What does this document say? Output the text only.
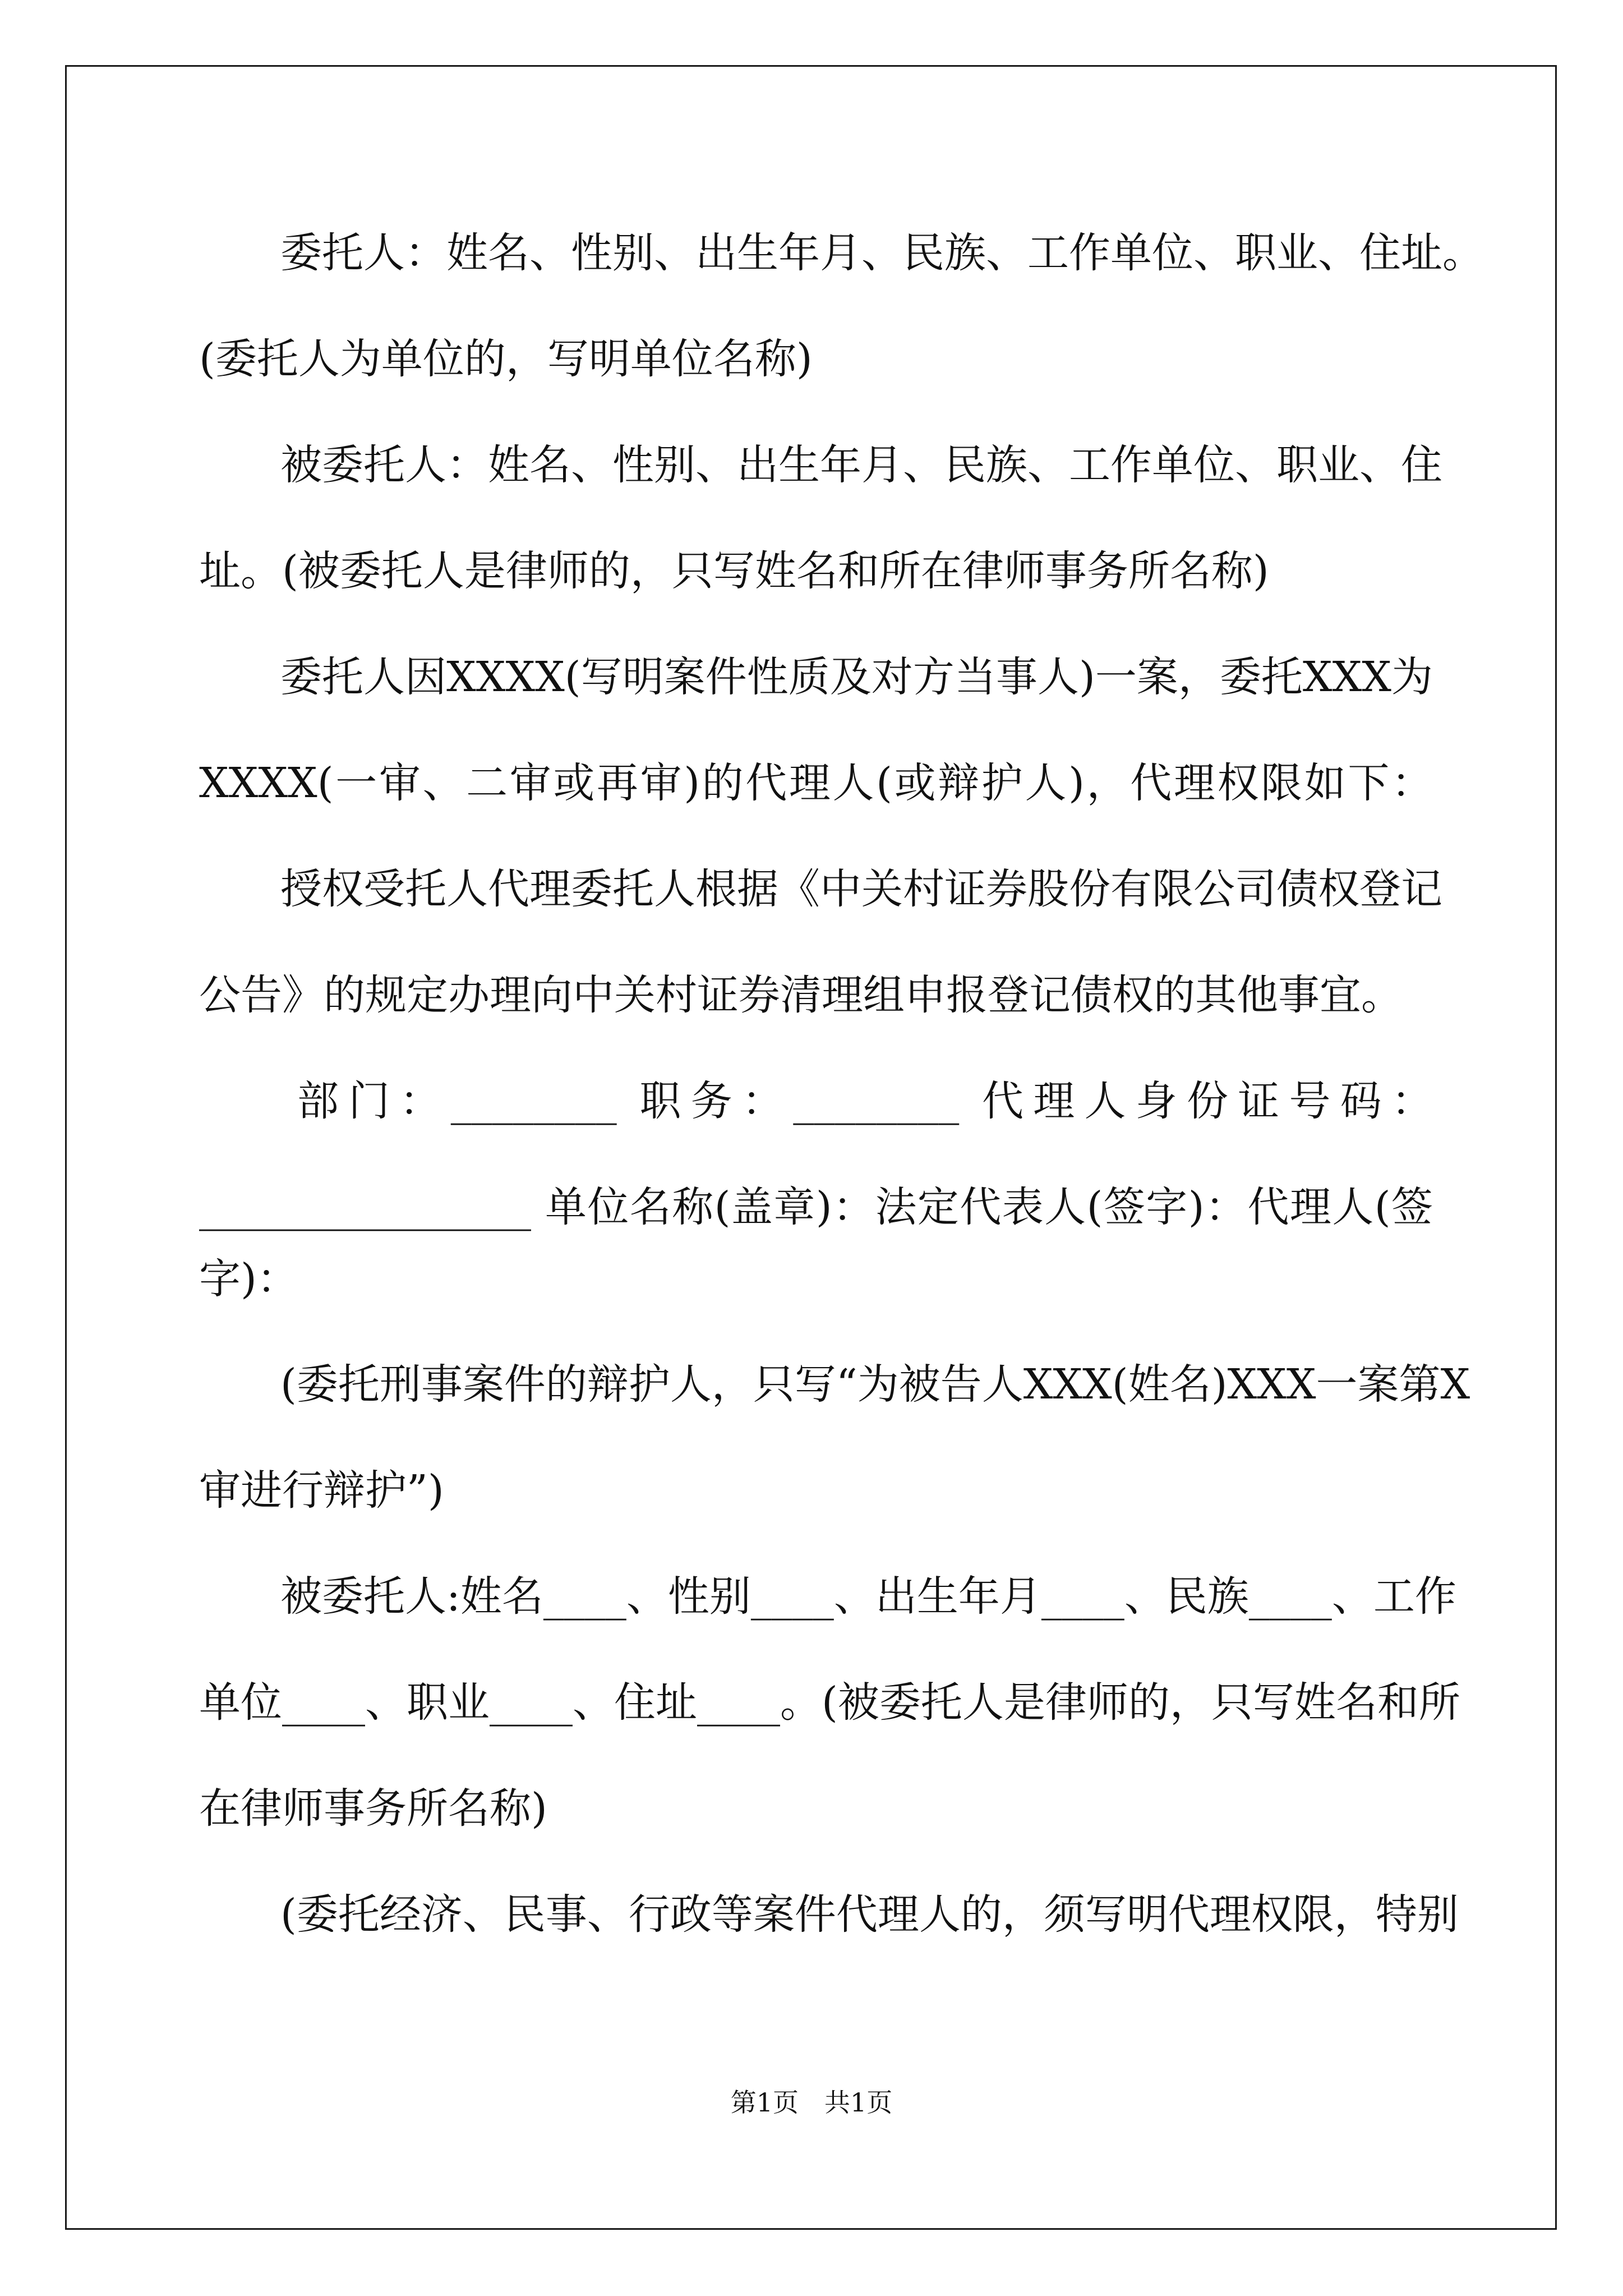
委托人：姓名、性别、出生年月、民族、工作单位、职业、住址。
(委托人为单位的，写明单位名称)
被委托人：姓名、性别、出生年月、民族、工作单位、职业、住
址。(被委托人是律师的，只写姓名和所在律师事务所名称)
委托人因XXXX(写明案件性质及对方当事人)一案，委托XXX为
XXXX(一审、二审或再审)的代理人(或辩护人)，代理权限如下：
授权受托人代理委托人根据《中关村证券股份有限公司债权登记
公告》的规定办理向中关村证券清理组申报登记债权的其他事宜。
部门：________ 职务：________ 代理人身份证号码：
________________ 单位名称(盖章)：法定代表人(签字)：代理人(签
字)：
(委托刑事案件的辩护人，只写“为被告人XXX(姓名)XXX一案第X
审进行辩护”)
被委托人:姓名____、性别____、出生年月____、民族____、工作
单位____、职业____、住址____。(被委托人是律师的，只写姓名和所
在律师事务所名称)
(委托经济、民事、行政等案件代理人的，须写明代理权限，特别
第1页　共1页
